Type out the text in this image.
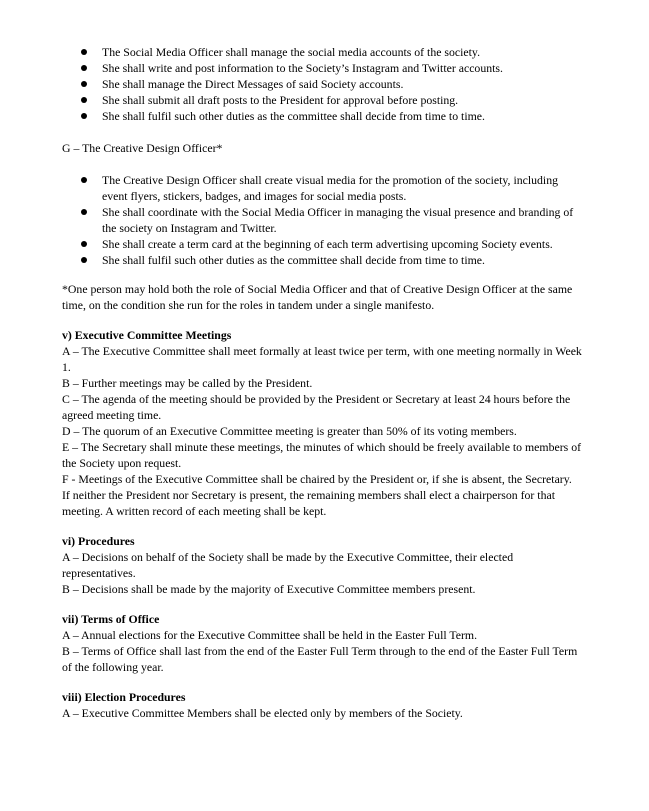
The Social Media Officer shall manage the social media accounts of the society.
She shall write and post information to the Society’s Instagram and Twitter accounts.
She shall manage the Direct Messages of said Society accounts.
She shall submit all draft posts to the President for approval before posting.
She shall fulfil such other duties as the committee shall decide from time to time.

G – The Creative Design Officer*

The Creative Design Officer shall create visual media for the promotion of the society, including event flyers, stickers, badges, and images for social media posts.
She shall coordinate with the Social Media Officer in managing the visual presence and branding of the society on Instagram and Twitter.
She shall create a term card at the beginning of each term advertising upcoming Society events.
She shall fulfil such other duties as the committee shall decide from time to time.

*One person may hold both the role of Social Media Officer and that of Creative Design Officer at the same time, on the condition she run for the roles in tandem under a single manifesto.

v) Executive Committee Meetings

A – The Executive Committee shall meet formally at least twice per term, with one meeting normally in Week 1.

B – Further meetings may be called by the President.

C – The agenda of the meeting should be provided by the President or Secretary at least 24 hours before the agreed meeting time.

D – The quorum of an Executive Committee meeting is greater than 50% of its voting members.

E – The Secretary shall minute these meetings, the minutes of which should be freely available to members of the Society upon request.

F - Meetings of the Executive Committee shall be chaired by the President or, if she is absent, the Secretary. If neither the President nor Secretary is present, the remaining members shall elect a chairperson for that meeting. A written record of each meeting shall be kept.

vi) Procedures

A – Decisions on behalf of the Society shall be made by the Executive Committee, their elected representatives.

B – Decisions shall be made by the majority of Executive Committee members present.

vii) Terms of Office

A – Annual elections for the Executive Committee shall be held in the Easter Full Term.

B – Terms of Office shall last from the end of the Easter Full Term through to the end of the Easter Full Term of the following year.

viii) Election Procedures

A – Executive Committee Members shall be elected only by members of the Society.
